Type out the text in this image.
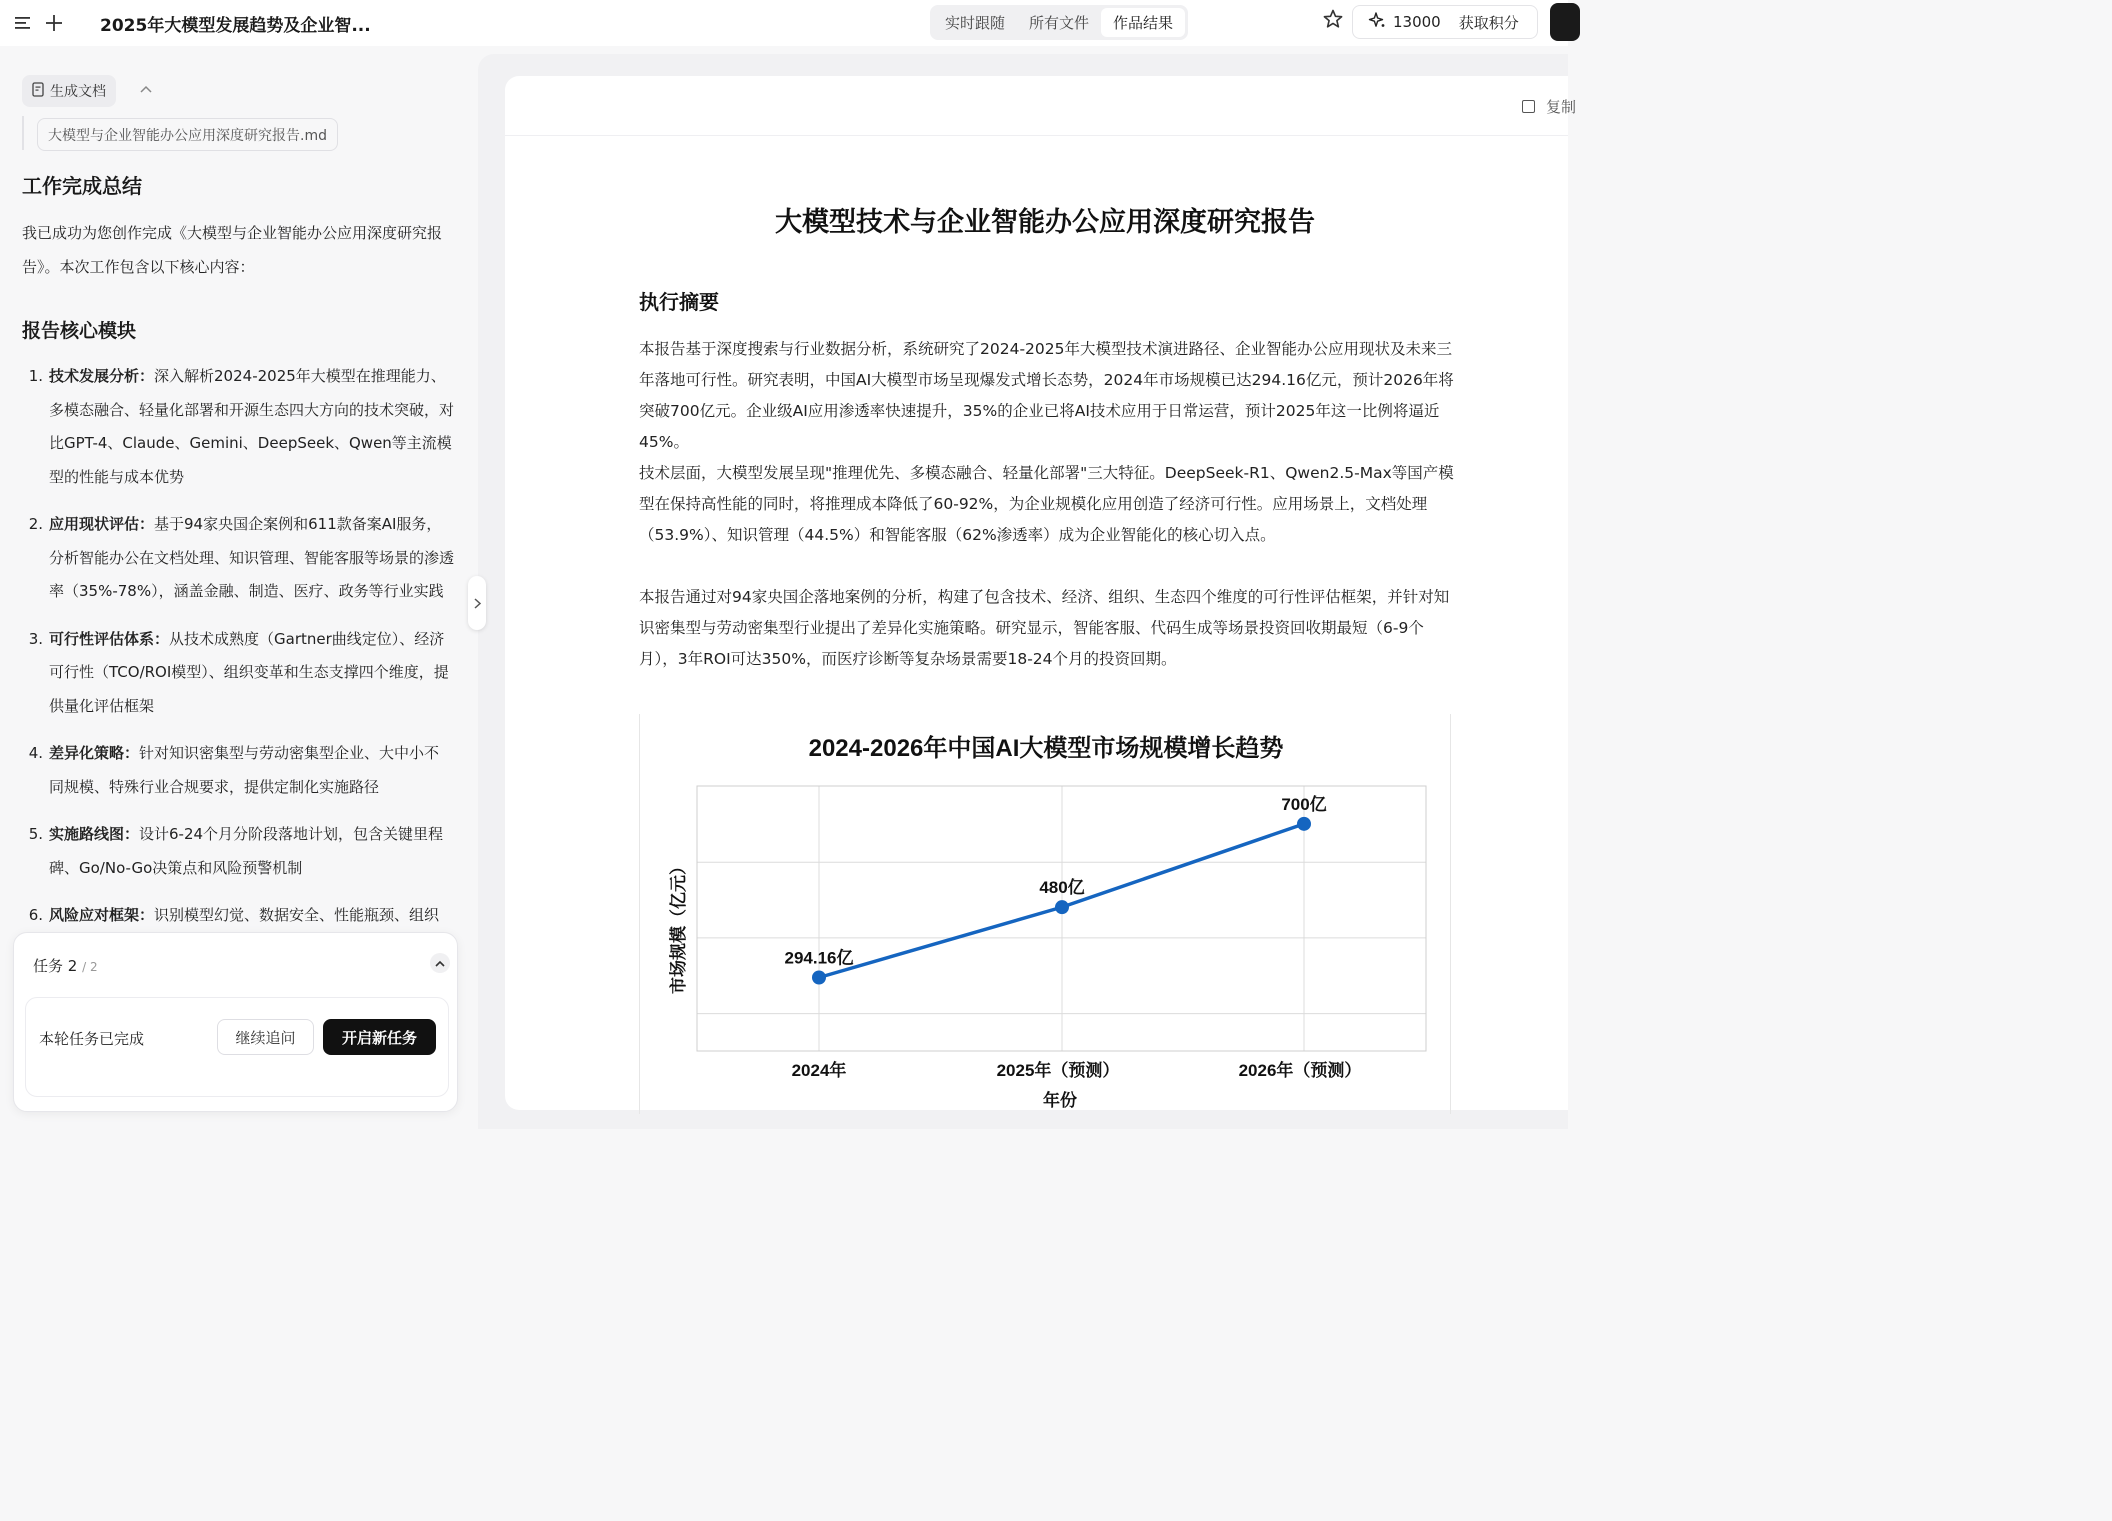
2025年大模型发展趋势及企业智...	实时跟随	所有文件	作品结果	13000 获取积分
生成文档
大模型与企业智能办公应用深度研究报告.md
工作完成总结
我已成功为您创作完成《大模型与企业智能办公应用深度研究报告》。本次工作包含以下核心内容：
报告核心模块
1. 技术发展分析：深入解析2024-2025年大模型在推理能力、多模态融合、轻量化部署和开源生态四大方向的技术突破，对比GPT-4、Claude、Gemini、DeepSeek、Qwen等主流模型的性能与成本优势
2. 应用现状评估：基于94家央国企案例和611款备案AI服务，分析智能办公在文档处理、知识管理、智能客服等场景的渗透率（35%-78%），涵盖金融、制造、医疗、政务等行业实践
3. 可行性评估体系：从技术成熟度（Gartner曲线定位）、经济可行性（TCO/ROI模型）、组织变革和生态支撑四个维度，提供量化评估框架
4. 差异化策略：针对知识密集型与劳动密集型企业、大中小不同规模、特殊行业合规要求，提供定制化实施路径
5. 实施路线图：设计6-24个月分阶段落地计划，包含关键里程碑、Go/No-Go决策点和风险预警机制
6. 风险应对框架：识别模型幻觉、数据安全、性能瓶颈、组织
任务 2 / 2
本轮任务已完成	继续追问	开启新任务
复制
大模型技术与企业智能办公应用深度研究报告
执行摘要
本报告基于深度搜索与行业数据分析，系统研究了2024-2025年大模型技术演进路径、企业智能办公应用现状及未来三年落地可行性。研究表明，中国AI大模型市场呈现爆发式增长态势，2024年市场规模已达294.16亿元，预计2026年将突破700亿元。企业级AI应用渗透率快速提升，35%的企业已将AI技术应用于日常运营，预计2025年这一比例将逼近45%。
技术层面，大模型发展呈现"推理优先、多模态融合、轻量化部署"三大特征。DeepSeek-R1、Qwen2.5-Max等国产模型在保持高性能的同时，将推理成本降低了60-92%，为企业规模化应用创造了经济可行性。应用场景上，文档处理（53.9%）、知识管理（44.5%）和智能客服（62%渗透率）成为企业智能化的核心切入点。
本报告通过对94家央国企落地案例的分析，构建了包含技术、经济、组织、生态四个维度的可行性评估框架，并针对知识密集型与劳动密集型行业提出了差异化实施策略。研究显示，智能客服、代码生成等场景投资回收期最短（6-9个月），3年ROI可达350%，而医疗诊断等复杂场景需要18-24个月的投资回期。
2024-2026年中国AI大模型市场规模增长趋势
294.16亿
480亿
700亿
2024年	2025年（预测）	2026年（预测）
市场规模（亿元）
年份
